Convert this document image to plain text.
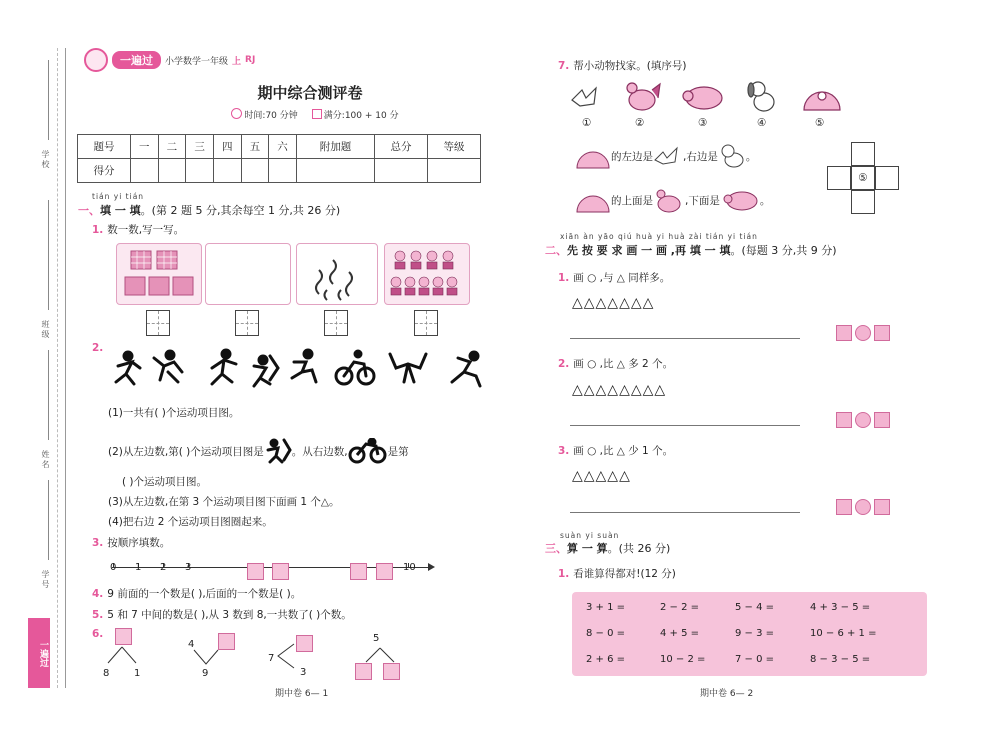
学校
班级
姓名
学号
一遍过
一遍过	小学数学一年级 上 RJ
期中综合测评卷
时间:70 分钟	满分:100 + 10 分
题号	一	二	三	四	五	六	附加题	总分	等级
得分									
tián yi tián
一、填 一 填。(第 2 题 5 分,其余每空 1 分,共 26 分)
1. 数一数,写一写。
2.
(1)一共有( )个运动项目图。
(2)从左边数,第( )个运动项目图是	。从右边数,	是第
( )个运动项目图。
(3)从左边数,在第 3 个运动项目图下面画 1 个△。
(4)把右边 2 个运动项目图圈起来。
3. 按顺序填数。
0 1 2 3	10
4. 9 前面的一个数是( ),后面的一个数是( )。
5. 5 和 7 中间的数是( ),从 3 数到 8,一共数了( )个数。
6.
8 1
4
9
7
3
5
期中卷 6— 1
7. 帮小动物找家。(填序号)
①	②	③	④	⑤
⑤
的左边是	,右边是	。
的上面是	,下面是	。
xiān àn yāo qiú huà yi huà zài tián yi tián
二、先 按 要 求 画 一 画 ,再 填 一 填。(每题 3 分,共 9 分)
1. 画 ○ ,与 △ 同样多。
△△△△△△△
2. 画 ○ ,比 △ 多 2 个。
△△△△△△△△
3. 画 ○ ,比 △ 少 1 个。
△△△△△
suàn yi suàn
三、算 一 算。(共 26 分)
1. 看谁算得都对!(12 分)
3 + 1 =	2 − 2 =	5 − 4 =	4 + 3 − 5 =
8 − 0 =	4 + 5 =	9 − 3 =	10 − 6 + 1 =
2 + 6 =	10 − 2 =	7 − 0 =	8 − 3 − 5 =
期中卷 6— 2
